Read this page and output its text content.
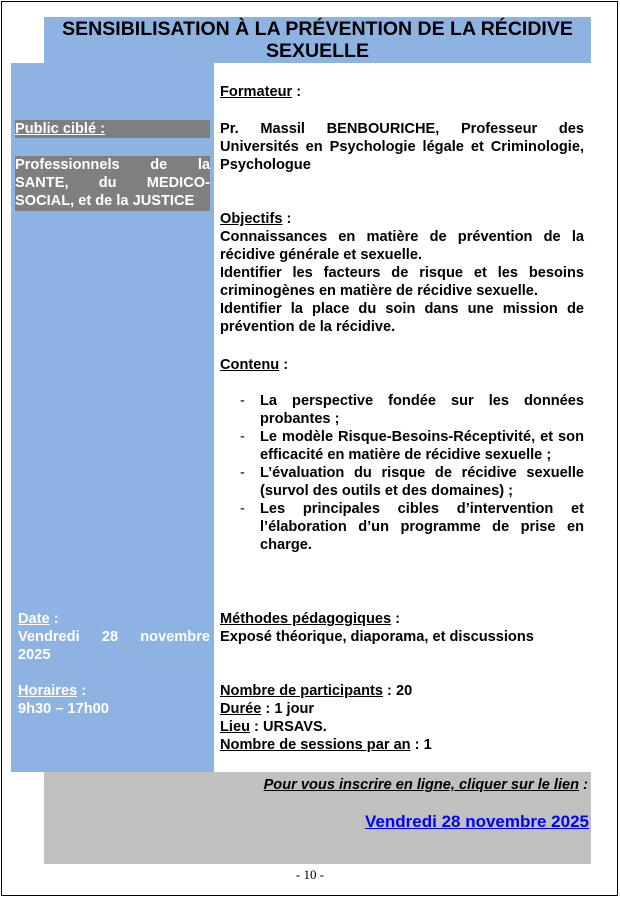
SENSIBILISATION À LA PRÉVENTION DE LA RÉCIDIVE SEXUELLE
Public ciblé :
Professionnels de la SANTE, du MEDICO-SOCIAL, et de la JUSTICE
Date :
Vendredi 28 novembre 2025
Horaires :
9h30 – 17h00
Formateur :
Pr. Massil BENBOURICHE, Professeur des Universités en Psychologie légale et Criminologie, Psychologue
Objectifs :
Connaissances en matière de prévention de la récidive générale et sexuelle.
Identifier les facteurs de risque et les besoins criminogènes en matière de récidive sexuelle.
Identifier la place du soin dans une mission de prévention de la récidive.
Contenu :
- La perspective fondée sur les données probantes ;
- Le modèle Risque-Besoins-Réceptivité, et son efficacité en matière de récidive sexuelle ;
- L’évaluation du risque de récidive sexuelle (survol des outils et des domaines) ;
- Les principales cibles d’intervention et l’élaboration d’un programme de prise en charge.
Méthodes pédagogiques :
Exposé théorique, diaporama, et discussions
Nombre de participants : 20
Durée : 1 jour
Lieu : URSAVS.
Nombre de sessions par an : 1
Pour vous inscrire en ligne, cliquer sur le lien :
Vendredi 28 novembre 2025
- 10 -
